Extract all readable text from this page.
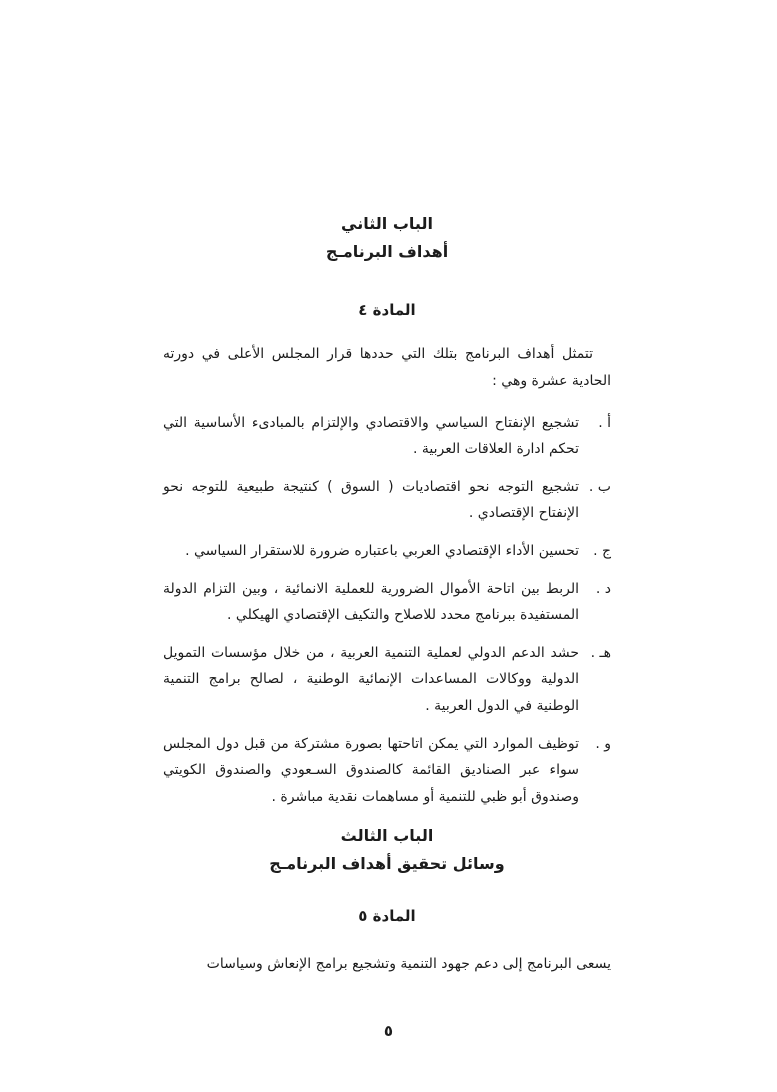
الباب الثاني
أهداف البرنامـج
المادة ٤

تتمثل أهداف البرنامج بتلك التي حددها قرار المجلس الأعلى في دورته الحادية عشرة وهي :

أ .
تشجيع الإنفتاح السياسي والاقتصادي والإلتزام بالمبادىء الأساسية التي تحكم ادارة العلاقات العربية .
ب .
تشجيع التوجه نحو اقتصاديات ( السوق ) كنتيجة طبيعية للتوجه نحو الإنفتاح الإقتصادي .
ج .
تحسين الأداء الإقتصادي العربي باعتباره ضرورة للاستقرار السياسي .
د .
الربط بين اتاحة الأموال الضرورية للعملية الانمائية ، وبين التزام الدولة المستفيدة ببرنامج محدد للاصلاح والتكيف الإقتصادي الهيكلي .
هـ .
حشد الدعم الدولي لعملية التنمية العربية ، من خلال مؤسسات التمويل الدولية ووكالات المساعدات الإنمائية الوطنية ، لصالح برامج التنمية الوطنية في الدول العربية .
و .
توظيف الموارد التي يمكن اتاحتها بصورة مشتركة من قبل دول المجلس سواء عبر الصناديق القائمة كالصندوق السـعودي والصندوق الكويتي وصندوق أبو ظبي للتنمية أو مساهمات نقدية مباشرة .
الباب الثالث
وسائل تحقيق أهداف البرنامـج
المادة ٥

يسعى البرنامج إلى دعم جهود التنمية وتشجيع برامج الإنعاش وسياسات

٥
